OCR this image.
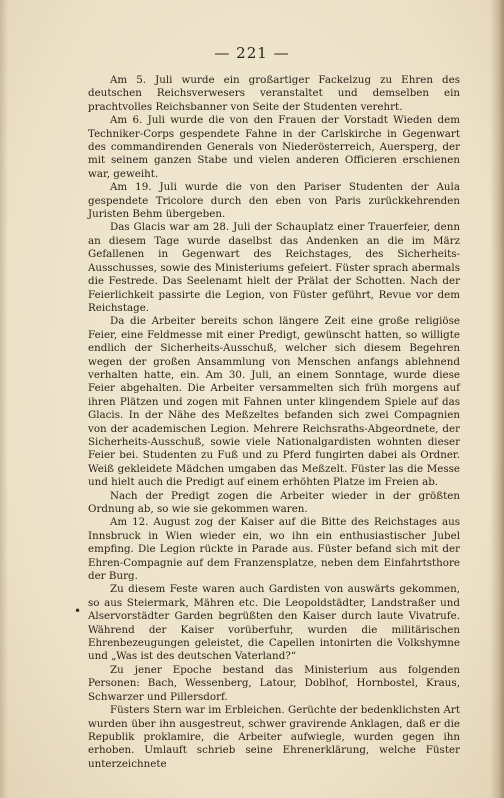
— 221 —
•

Am 5. Juli wurde ein großartiger Fackelzug zu Ehren des deutschen Reichsverwesers veranstaltet und demselben ein prachtvolles Reichsbanner von Seite der Studenten verehrt.

Am 6. Juli wurde die von den Frauen der Vorstadt Wieden dem Techniker-Corps gespendete Fahne in der Carlskirche in Gegenwart des commandirenden Generals von Niederösterreich, Auersperg, der mit seinem ganzen Stabe und vielen anderen Officieren erschienen war, geweiht.

Am 19. Juli wurde die von den Pariser Studenten der Aula gespendete Tricolore durch den eben von Paris zurückkehrenden Juristen Behm übergeben.

Das Glacis war am 28. Juli der Schauplatz einer Trauerfeier, denn an diesem Tage wurde daselbst das Andenken an die im März Gefallenen in Gegenwart des Reichstages, des Sicherheits-Ausschusses, sowie des Ministeriums gefeiert. Füster sprach abermals die Festrede. Das Seelenamt hielt der Prälat der Schotten. Nach der Feierlichkeit passirte die Legion, von Füster geführt, Revue vor dem Reichstage.

Da die Arbeiter bereits schon längere Zeit eine große religiöse Feier, eine Feldmesse mit einer Predigt, gewünscht hatten, so willigte endlich der Sicherheits-Ausschuß, welcher sich diesem Begehren wegen der großen Ansammlung von Menschen anfangs ablehnend verhalten hatte, ein. Am 30. Juli, an einem Sonntage, wurde diese Feier abgehalten. Die Arbeiter versammelten sich früh morgens auf ihren Plätzen und zogen mit Fahnen unter klingendem Spiele auf das Glacis. In der Nähe des Meßzeltes befanden sich zwei Compagnien von der academischen Legion. Mehrere Reichsraths-Abgeordnete, der Sicherheits-Ausschuß, sowie viele Nationalgardisten wohnten dieser Feier bei. Studenten zu Fuß und zu Pferd fungirten dabei als Ordner. Weiß gekleidete Mädchen umgaben das Meßzelt. Füster las die Messe und hielt auch die Predigt auf einem erhöhten Platze im Freien ab.

Nach der Predigt zogen die Arbeiter wieder in der größten Ordnung ab, so wie sie gekommen waren.

Am 12. August zog der Kaiser auf die Bitte des Reichstages aus Innsbruck in Wien wieder ein, wo ihn ein enthusiastischer Jubel empfing. Die Legion rückte in Parade aus. Füster befand sich mit der Ehren-Compagnie auf dem Franzensplatze, neben dem Einfahrtsthore der Burg.

Zu diesem Feste waren auch Gardisten von auswärts gekommen, so aus Steiermark, Mähren etc. Die Leopoldstädter, Landstraßer und Alservorstädter Garden begrüßten den Kaiser durch laute Vivatrufe. Während der Kaiser vorüberfuhr, wurden die militärischen Ehrenbezeugungen geleistet, die Capellen intonirten die Volkshymne und „Was ist des deutschen Vaterland?“

Zu jener Epoche bestand das Ministerium aus folgenden Personen: Bach, Wessenberg, Latour, Doblhof, Hornbostel, Kraus, Schwarzer und Pillersdorf.

Füsters Stern war im Erbleichen. Gerüchte der bedenklichsten Art wurden über ihn ausgestreut, schwer gravirende Anklagen, daß er die Republik proklamire, die Arbeiter aufwiegle, wurden gegen ihn erhoben. Umlauft schrieb seine Ehrenerklärung, welche Füster unterzeichnete
